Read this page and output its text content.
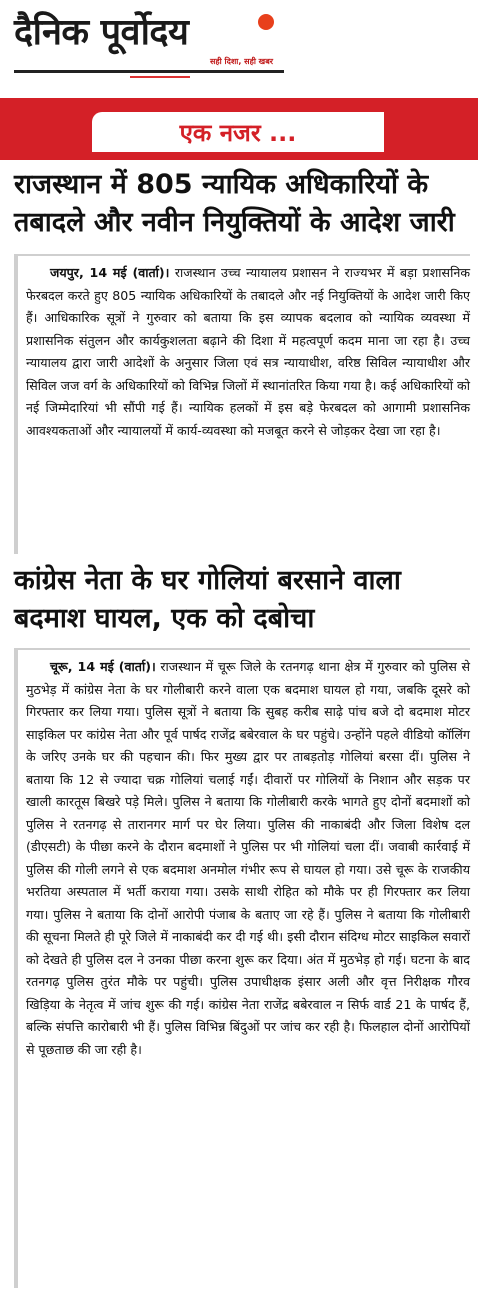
दैनिक पूर्वोदय
सही दिशा, सही खबर
एक नजर ...
राजस्थान में 805 न्यायिक अधिकारियों के
तबादले और नवीन नियुक्तियों के आदेश जारी

जयपुर, 14 मई (वार्ता)। राजस्थान उच्च न्यायालय प्रशासन ने राज्यभर में बड़ा प्रशासनिक फेरबदल करते हुए 805 न्यायिक अधिकारियों के तबादले और नई नियुक्तियों के आदेश जारी किए हैं। आधिकारिक सूत्रों ने गुरुवार को बताया कि इस व्यापक बदलाव को न्यायिक व्यवस्था में प्रशासनिक संतुलन और कार्यकुशलता बढ़ाने की दिशा में महत्वपूर्ण कदम माना जा रहा है। उच्च न्यायालय द्वारा जारी आदेशों के अनुसार जिला एवं सत्र न्यायाधीश, वरिष्ठ सिविल न्यायाधीश और सिविल जज वर्ग के अधिकारियों को विभिन्न जिलों में स्थानांतरित किया गया है। कई अधिकारियों को नई जिम्मेदारियां भी सौंपी गई हैं। न्यायिक हलकों में इस बड़े फेरबदल को आगामी प्रशासनिक आवश्यकताओं और न्यायालयों में कार्य-व्यवस्था को मजबूत करने से जोड़कर देखा जा रहा है।

कांग्रेस नेता के घर गोलियां बरसाने वाला
बदमाश घायल, एक को दबोचा

चूरू, 14 मई (वार्ता)। राजस्थान में चूरू जिले के रतनगढ़ थाना क्षेत्र में गुरुवार को पुलिस से मुठभेड़ में कांग्रेस नेता के घर गोलीबारी करने वाला एक बदमाश घायल हो गया, जबकि दूसरे को गिरफ्तार कर लिया गया। पुलिस सूत्रों ने बताया कि सुबह करीब साढ़े पांच बजे दो बदमाश मोटर साइकिल पर कांग्रेस नेता और पूर्व पार्षद राजेंद्र बबेरवाल के घर पहुंचे। उन्होंने पहले वीडियो कॉलिंग के जरिए उनके घर की पहचान की। फिर मुख्य द्वार पर ताबड़तोड़ गोलियां बरसा दीं। पुलिस ने बताया कि 12 से ज्यादा चक्र गोलियां चलाई गईं। दीवारों पर गोलियों के निशान और सड़क पर खाली कारतूस बिखरे पड़े मिले। पुलिस ने बताया कि गोलीबारी करके भागते हुए दोनों बदमाशों को पुलिस ने रतनगढ़ से तारानगर मार्ग पर घेर लिया। पुलिस की नाकाबंदी और जिला विशेष दल (डीएसटी) के पीछा करने के दौरान बदमाशों ने पुलिस पर भी गोलियां चला दीं। जवाबी कार्रवाई में पुलिस की गोली लगने से एक बदमाश अनमोल गंभीर रूप से घायल हो गया। उसे चूरू के राजकीय भरतिया अस्पताल में भर्ती कराया गया। उसके साथी रोहित को मौके पर ही गिरफ्तार कर लिया गया। पुलिस ने बताया कि दोनों आरोपी पंजाब के बताए जा रहे हैं। पुलिस ने बताया कि गोलीबारी की सूचना मिलते ही पूरे जिले में नाकाबंदी कर दी गई थी। इसी दौरान संदिग्ध मोटर साइकिल सवारों को देखते ही पुलिस दल ने उनका पीछा करना शुरू कर दिया। अंत में मुठभेड़ हो गई। घटना के बाद रतनगढ़ पुलिस तुरंत मौके पर पहुंची। पुलिस उपाधीक्षक इंसार अली और वृत्त निरीक्षक गौरव खिड़िया के नेतृत्व में जांच शुरू की गई। कांग्रेस नेता राजेंद्र बबेरवाल न सिर्फ वार्ड 21 के पार्षद हैं, बल्कि संपत्ति कारोबारी भी हैं। पुलिस विभिन्न बिंदुओं पर जांच कर रही है। फिलहाल दोनों आरोपियों से पूछताछ की जा रही है।
